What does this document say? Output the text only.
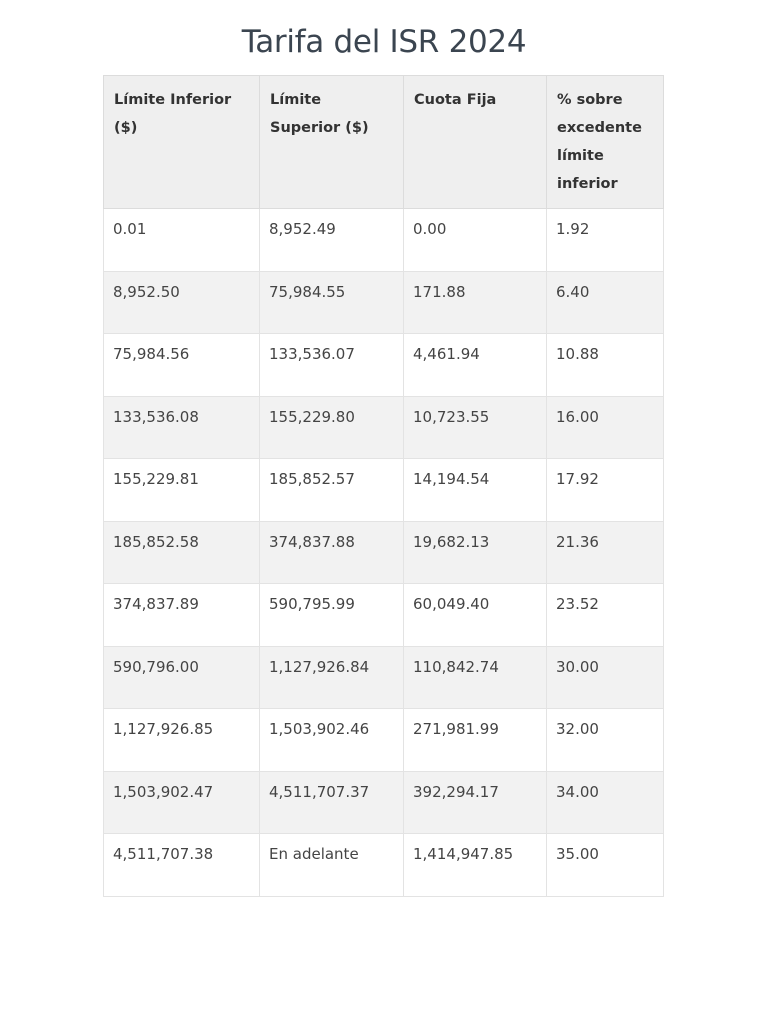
Tarifa del ISR 2024
Límite Inferior ($)	Límite Superior ($)	Cuota Fija	% sobre excedente límite inferior
0.01	8,952.49	0.00	1.92
8,952.50	75,984.55	171.88	6.40
75,984.56	133,536.07	4,461.94	10.88
133,536.08	155,229.80	10,723.55	16.00
155,229.81	185,852.57	14,194.54	17.92
185,852.58	374,837.88	19,682.13	21.36
374,837.89	590,795.99	60,049.40	23.52
590,796.00	1,127,926.84	110,842.74	30.00
1,127,926.85	1,503,902.46	271,981.99	32.00
1,503,902.47	4,511,707.37	392,294.17	34.00
4,511,707.38	En adelante	1,414,947.85	35.00
